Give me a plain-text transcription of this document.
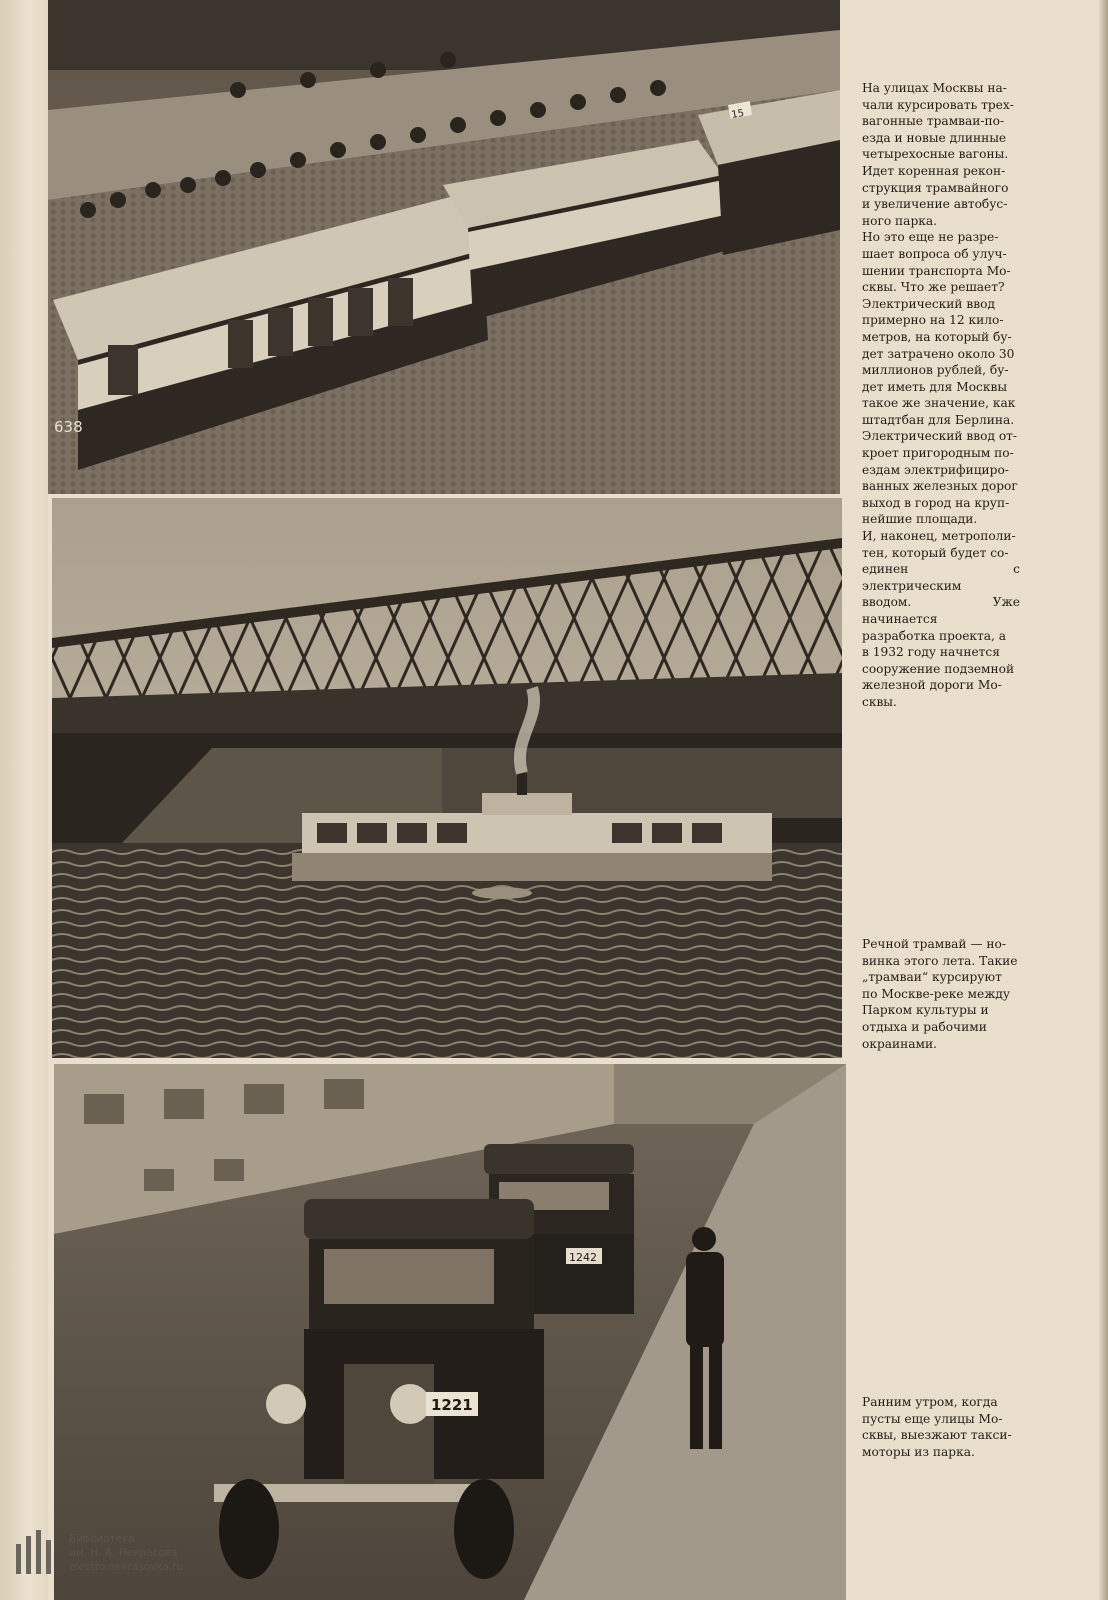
15
638
1242
1221
На улицах Москвы на-
чали курсировать трех-
вагонные трамваи-по-
езда и новые длинные
четырехосные вагоны.
Идет коренная рекон-
струкция трамвайного
и увеличение автобус-
ного парка.
Но это еще не разре-
шает вопроса об улуч-
шении транспорта Мо-
сквы. Что же решает?
Электрический ввод
примерно на 12 кило-
метров, на который бу-
дет затрачено около 30
миллионов рублей, бу-
дет иметь для Москвы
такое же значение, как
штадтбан для Берлина.
Электрический ввод от-
кроет пригородным по-
ездам электрифициро-
ванных железных дорог
выход в город на круп-
нейшие площади.
И, наконец, метрополи-
тен, который будет со-
единен с электрическим
вводом. Уже начинается
разработка проекта, а
в 1932 году начнется
сооружение подземной
железной дороги Мо-
сквы.
Речной трамвай — но-
винка этого лета. Такие
„трамваи“ курсируют
по Москве-реке между
Парком культуры и
отдыха и рабочими
окраинами.
Ранним утром, когда
пусты еще улицы Мо-
сквы, выезжают такси-
моторы из парка.
Библиотека
им. Н. А. Некрасова
electro.nekrasovka.ru
